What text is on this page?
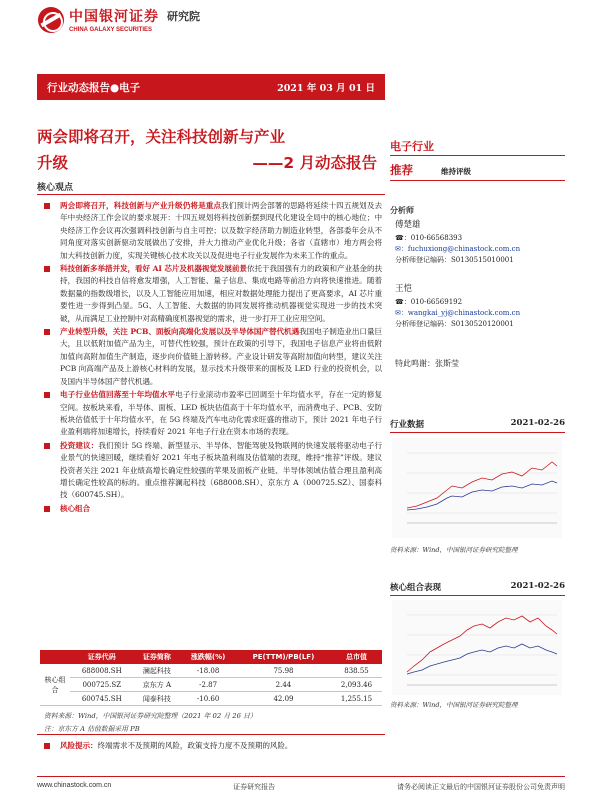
中国银河证券
CHINA GALAXY SECURITIES
研究院
行业动态报告●电子	2021 年 03 月 01 日
两会即将召开，关注科技创新与产业
升级	——2 月动态报告
核心观点
两会即将召开，科技创新与产业升级仍将是重点我们预计两会部署的思路将延续十四五规划及去年中央经济工作会议的要求展开：十四五规划将科技创新摆到现代化建设全局中的核心地位；中央经济工作会议再次强调科技创新与自主可控；以及数字经济助力制造业转型，各部委年会从不同角度对落实创新驱动发展做出了安排，并大力推动产业优化升级；各省（直辖市）地方两会将加大科技创新力度，实现关键核心技术攻关以及促进电子行业发展作为未来工作的重点。
科技创新多举措并发，看好 AI 芯片及机器视觉发展前景依托于我国强有力的政策和产业基金的扶持，我国的科技自信将愈发增强，人工智能、量子信息、集成电路等前沿方向将快速推进。随着数据量的指数级增长，以及人工智能应用加速，相应对数据处理能力提出了更高要求，AI 芯片重要性进一步得到凸显。5G、人工智能、大数据的协同发展将推动机器视觉实现进一步的技术突破，从而满足工业控制中对高精确度机器视觉的需求，进一步打开工业应用空间。
产业转型升级，关注 PCB、面板向高端化发展以及半导体国产替代机遇我国电子制造业出口量巨大，且以低附加值产品为主，可替代性较强，预计在政策的引导下，我国电子信息产业将由低附加值向高附加值生产制造，逐步向价值链上游转移。产业设计研发等高附加值向转型，建议关注 PCB 向高端产品及上游核心材料的发展，显示技术升级带来的面板及 LED 行业的投资机会，以及国内半导体国产替代机遇。
电子行业估值回落至十年均值水平电子行业滚动市盈率已回调至十年均值水平，存在一定的修复空间。按板块来看，半导体、面板、LED 板块估值高于十年均值水平，而消费电子、PCB、安防板块估值低于十年均值水平，在 5G 终端及汽车电动化需求旺盛的推动下，预计 2021 年电子行业盈利端将加速增长，持续看好 2021 年电子行业在资本市场的表现。
投资建议：我们预计 5G 终端、新型显示、半导体、智能驾驶及物联网的快速发展将驱动电子行业景气的快速回暖，继续看好 2021 年电子板块盈利端及估值端的表现，维持“推荐”评级。建议投资者关注 2021 年业绩高增长确定性较强的苹果及面板产业链、半导体领域估值合理且盈利高增长确定性较高的标的。重点推荐澜起科技（688008.SH）、京东方 A（000725.SZ）、国泰科技（600745.SH）。
核心组合
	证券代码	证券简称	涨跌幅(%)	PE(TTM)/PB(LF)	总市值
核心组合	688008.SH	澜起科技	-18.08	75.98	838.55
	000725.SZ	京东方 A	-2.87	2.44	2,093.46
	600745.SH	闻泰科技	-10.60	42.09	1,255.15
资料来源：Wind，中国银河证券研究院整理（2021 年 02 月 26 日）
注：京东方 A 估值数据采用 PB
风险提示：终端需求不及预期的风险，政策支持力度不及预期的风险。
电子行业
推荐	维持评级
分析师
傅楚雄
☎：010-66568393
✉：fuchuxiong@chinastock.com.cn
分析师登记编码：S0130515010001
王恺
☎：010-66569192
✉：wangkai_yj@chinastock.com.cn
分析师登记编码：S0130520120001
特此鸣谢：张斯莹
行业数据	2021-02-26
资料来源：Wind，中国银河证券研究院整理
核心组合表现	2021-02-26
资料来源：Wind，中国银河证券研究院整理
www.chinastock.com.cn	证券研究报告	请务必阅读正文最后的中国银河证券股份公司免责声明
